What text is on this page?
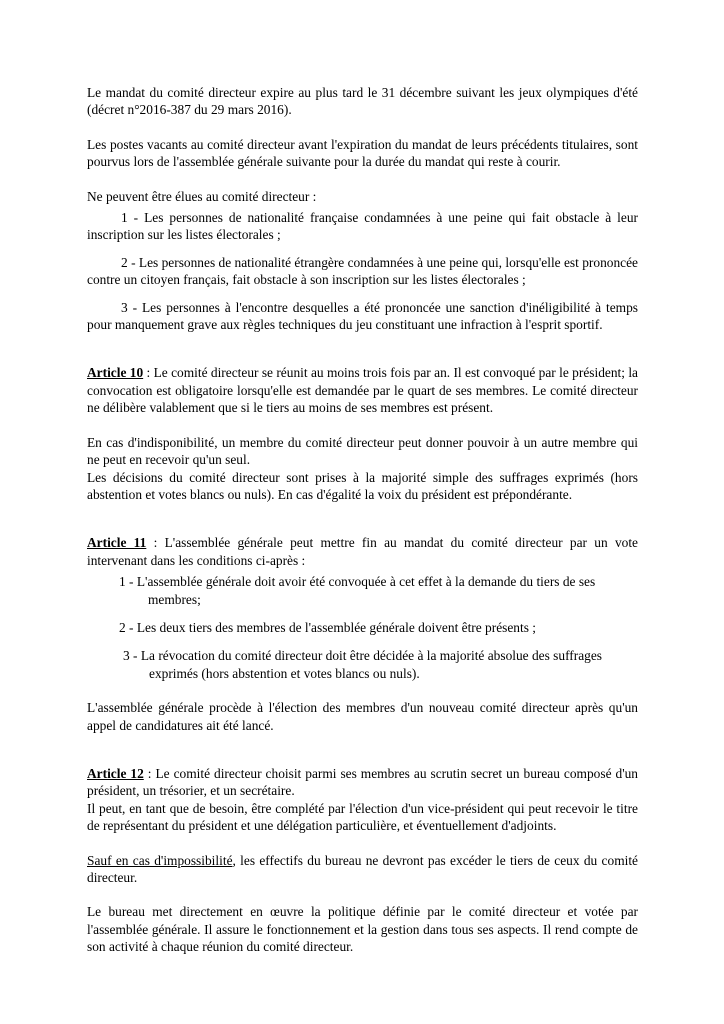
Le mandat du comité directeur expire au plus tard le 31 décembre suivant les jeux olympiques d'été (décret n°2016-387 du 29 mars 2016).

Les postes vacants au comité directeur avant l'expiration du mandat de leurs précédents titulaires, sont pourvus lors de l'assemblée générale suivante pour la durée du mandat qui reste à courir.

Ne peuvent être élues au comité directeur :

1 - Les personnes de nationalité française condamnées à une peine qui fait obstacle à leur inscription sur les listes électorales ;

2 - Les personnes de nationalité étrangère condamnées à une peine qui, lorsqu'elle est prononcée contre un citoyen français, fait obstacle à son inscription sur les listes électorales ;

3 - Les personnes à l'encontre desquelles a été prononcée une sanction d'inéligibilité à temps pour manquement grave aux règles techniques du jeu constituant une infraction à l'esprit sportif.

Article 10 : Le comité directeur se réunit au moins trois fois par an. Il est convoqué par le président; la convocation est obligatoire lorsqu'elle est demandée par le quart de ses membres. Le comité directeur ne délibère valablement que si le tiers au moins de ses membres est présent.

En cas d'indisponibilité, un membre du comité directeur peut donner pouvoir à un autre membre qui ne peut en recevoir qu'un seul.

Les décisions du comité directeur sont prises à la majorité simple des suffrages exprimés (hors abstention et votes blancs ou nuls). En cas d'égalité la voix du président est prépondérante.

Article 11 : L'assemblée générale peut mettre fin au mandat du comité directeur par un vote intervenant dans les conditions ci-après :

1 - L'assemblée générale doit avoir été convoquée à cet effet à la demande du tiers de ses membres;

2 - Les deux tiers des membres de l'assemblée générale doivent être présents ;

3 - La révocation du comité directeur doit être décidée à la majorité absolue des suffrages exprimés (hors abstention et votes blancs ou nuls).

L'assemblée générale procède à l'élection des membres d'un nouveau comité directeur après qu'un appel de candidatures ait été lancé.

Article 12 : Le comité directeur choisit parmi ses membres au scrutin secret un bureau composé d'un président, un trésorier, et un secrétaire.

Il peut, en tant que de besoin, être complété par l'élection d'un vice-président qui peut recevoir le titre de représentant du président et une délégation particulière, et éventuellement d'adjoints.

Sauf en cas d'impossibilité, les effectifs du bureau ne devront pas excéder le tiers de ceux du comité directeur.

Le bureau met directement en œuvre la politique définie par le comité directeur et votée par l'assemblée générale. Il assure le fonctionnement et la gestion dans tous ses aspects. Il rend compte de son activité à chaque réunion du comité directeur.
